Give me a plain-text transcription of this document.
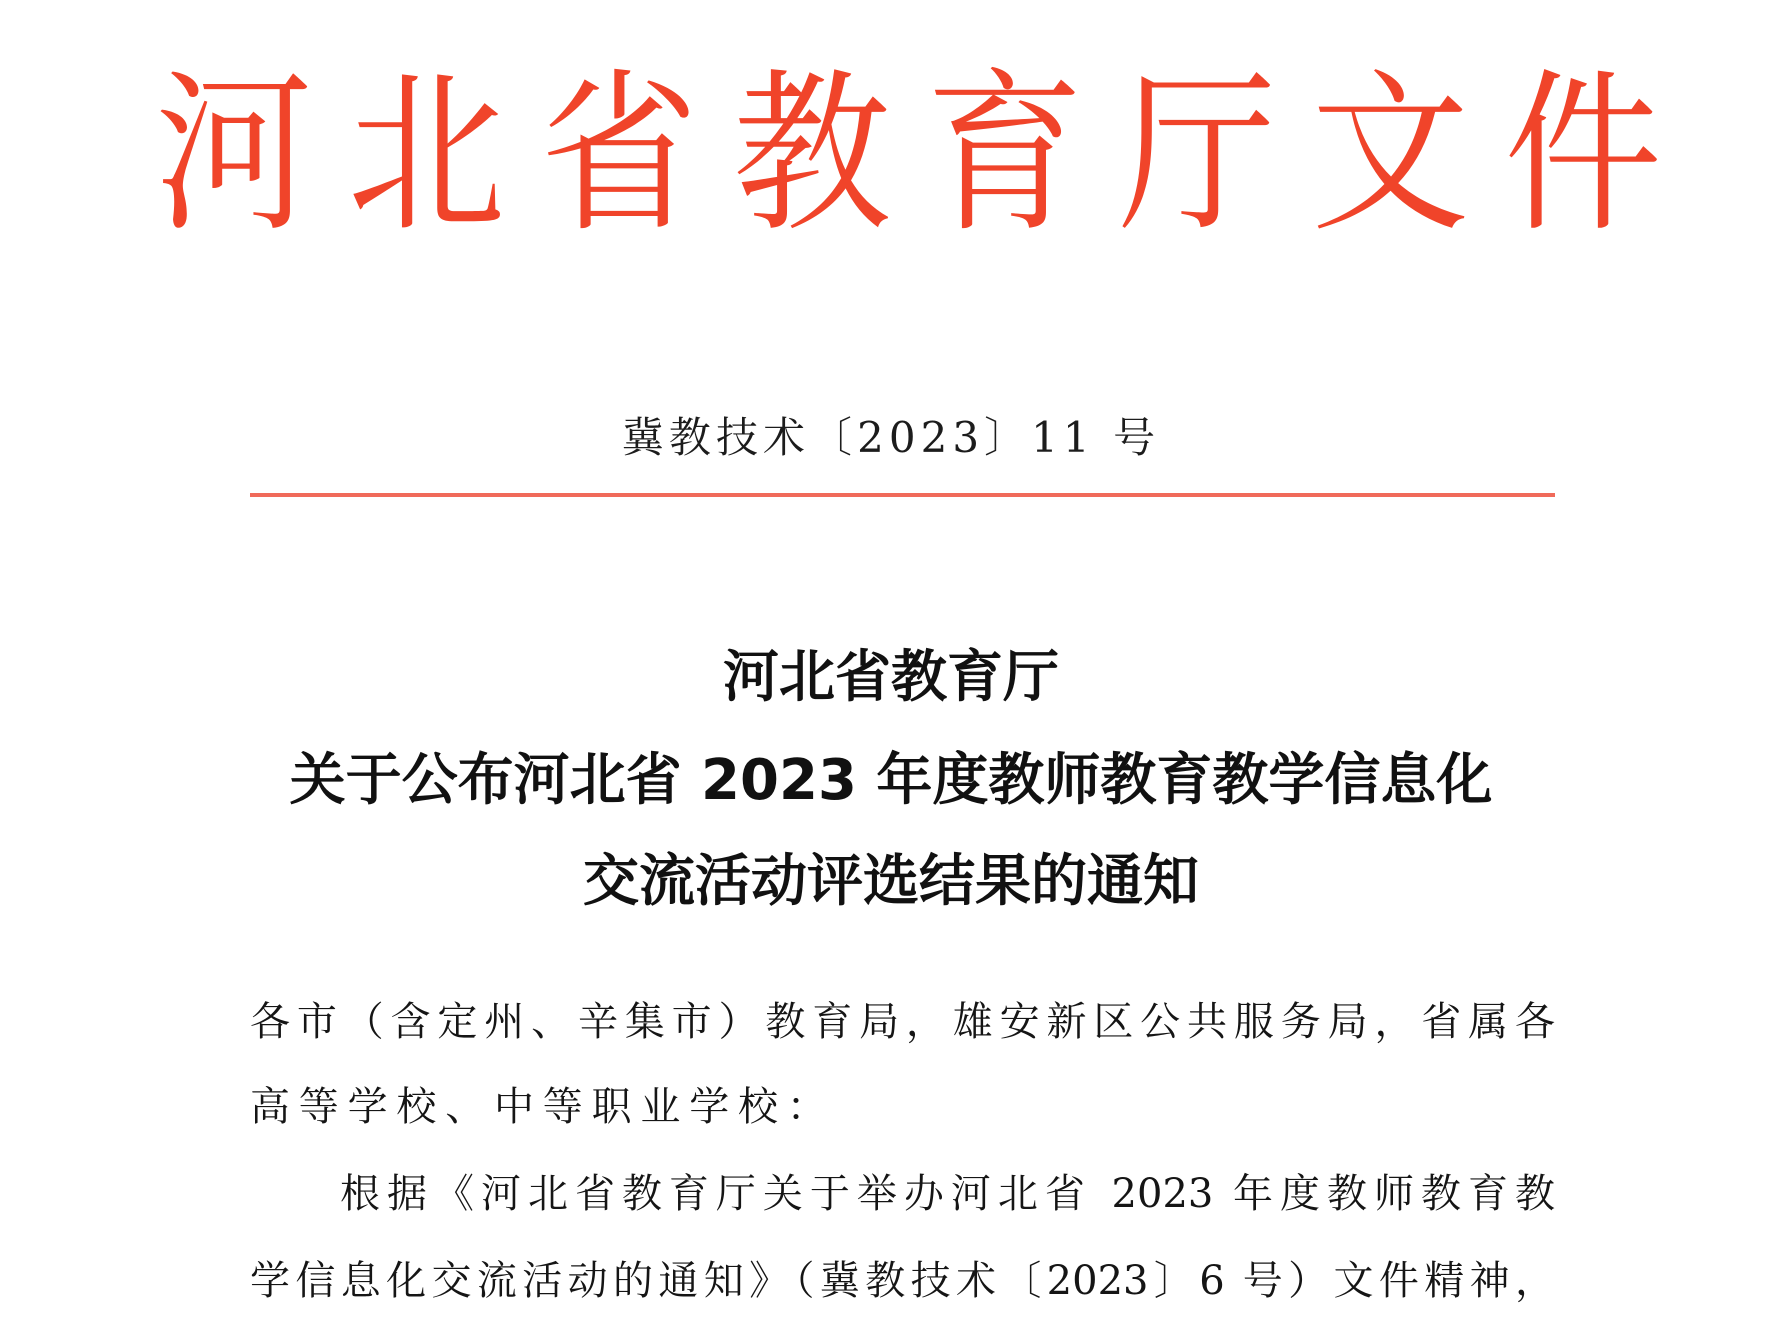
河北省教育厅文件
冀教技术〔2023〕11 号
河北省教育厅
关于公布河北省 2023 年度教师教育教学信息化
交流活动评选结果的通知
各市（含定州、辛集市）教育局，雄安新区公共服务局，省属各
高等学校、中等职业学校：
根据《河北省教育厅关于举办河北省 2023 年度教师教育教
学信息化交流活动的通知》（冀教技术〔2023〕6 号）文件精神，
